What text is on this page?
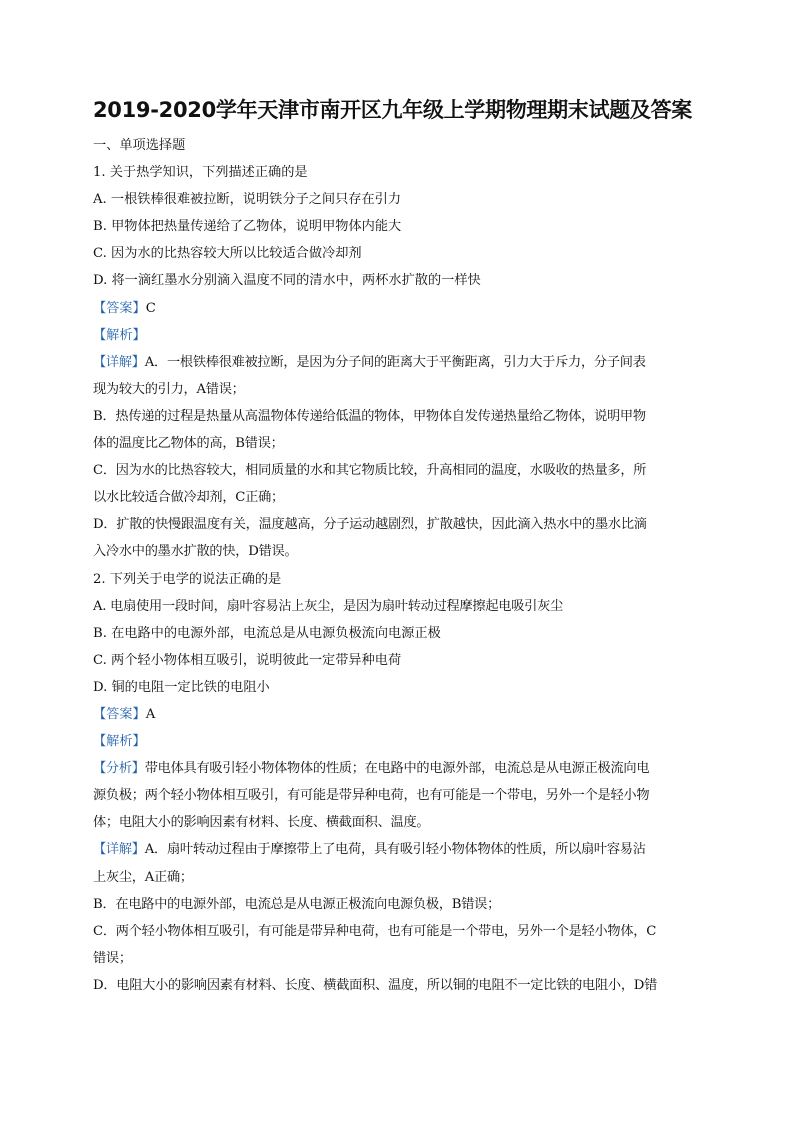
2019-2020学年天津市南开区九年级上学期物理期末试题及答案

一、单项选择题

1. 关于热学知识，下列描述正确的是

A. 一根铁棒很难被拉断，说明铁分子之间只存在引力

B. 甲物体把热量传递给了乙物体，说明甲物体内能大

C. 因为水的比热容较大所以比较适合做冷却剂

D. 将一滴红墨水分别滴入温度不同的清水中，两杯水扩散的一样快

【答案】C

【解析】

【详解】A．一根铁棒很难被拉断，是因为分子间的距离大于平衡距离，引力大于斥力，分子间表

现为较大的引力，A错误；

B．热传递的过程是热量从高温物体传递给低温的物体，甲物体自发传递热量给乙物体，说明甲物

体的温度比乙物体的高，B错误；

C．因为水的比热容较大，相同质量的水和其它物质比较，升高相同的温度，水吸收的热量多，所

以水比较适合做冷却剂，C正确；

D．扩散的快慢跟温度有关，温度越高，分子运动越剧烈，扩散越快，因此滴入热水中的墨水比滴

入冷水中的墨水扩散的快，D错误。

2. 下列关于电学的说法正确的是

A. 电扇使用一段时间，扇叶容易沾上灰尘，是因为扇叶转动过程摩擦起电吸引灰尘

B. 在电路中的电源外部，电流总是从电源负极流向电源正极

C. 两个轻小物体相互吸引，说明彼此一定带异种电荷

D. 铜的电阻一定比铁的电阻小

【答案】A

【解析】

【分析】带电体具有吸引轻小物体物体的性质；在电路中的电源外部，电流总是从电源正极流向电

源负极；两个轻小物体相互吸引，有可能是带异种电荷，也有可能是一个带电，另外一个是轻小物

体；电阻大小的影响因素有材料、长度、横截面积、温度。

【详解】A．扇叶转动过程由于摩擦带上了电荷，具有吸引轻小物体物体的性质，所以扇叶容易沾

上灰尘，A正确；

B．在电路中的电源外部，电流总是从电源正极流向电源负极，B错误；

C．两个轻小物体相互吸引，有可能是带异种电荷，也有可能是一个带电，另外一个是轻小物体，C

错误；

D．电阻大小的影响因素有材料、长度、横截面积、温度，所以铜的电阻不一定比铁的电阻小，D错
